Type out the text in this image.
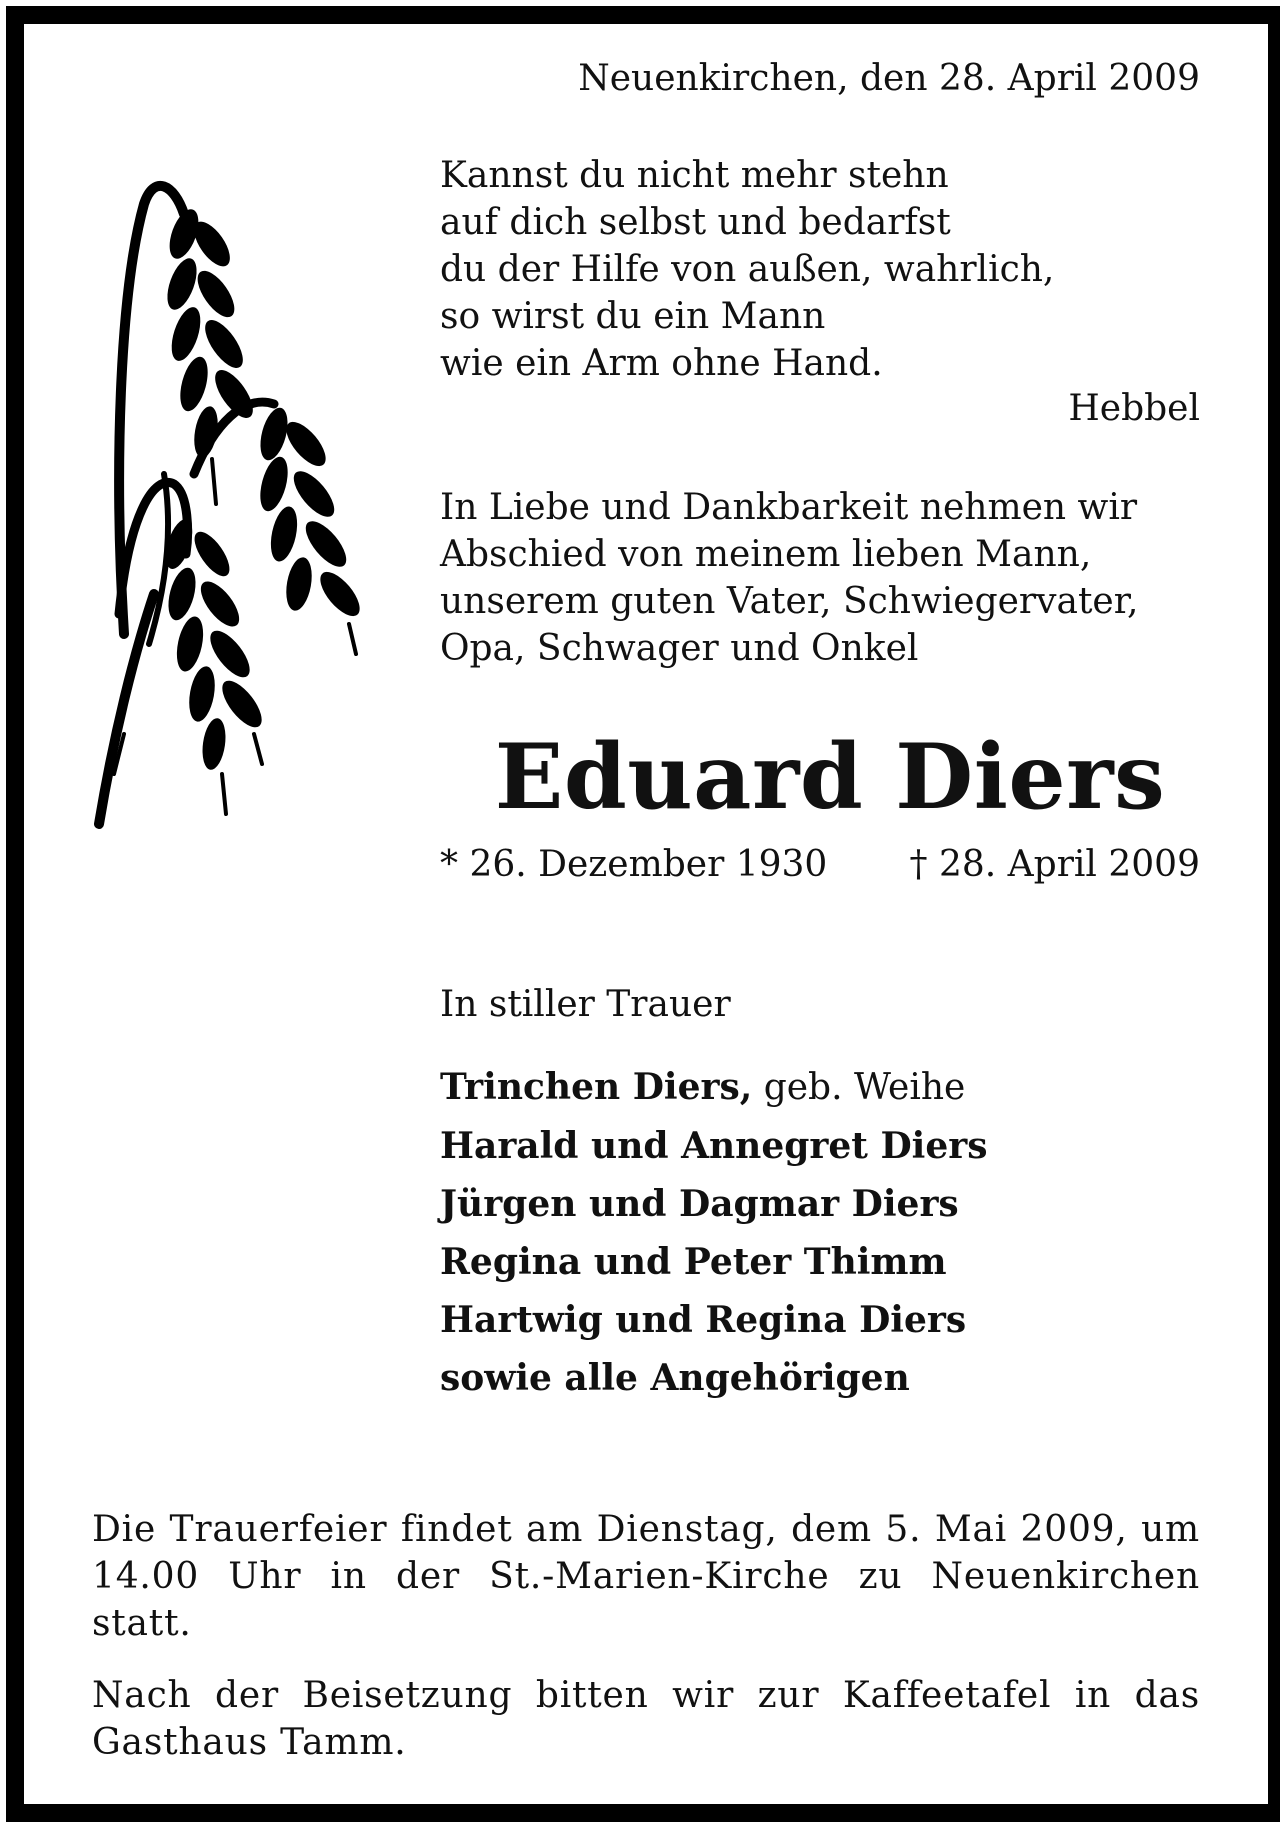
Neuenkirchen, den 28. April 2009
Kannst du nicht mehr stehn
auf dich selbst und bedarfst
du der Hilfe von außen, wahrlich,
so wirst du ein Mann
wie ein Arm ohne Hand.
Hebbel
In Liebe und Dankbarkeit nehmen wir
Abschied von meinem lieben Mann,
unserem guten Vater, Schwiegervater,
Opa, Schwager und Onkel
Eduard Diers
* 26. Dezember 1930 † 28. April 2009
In stiller Trauer
Trinchen Diers, geb. Weihe
Harald und Annegret Diers
Jürgen und Dagmar Diers
Regina und Peter Thimm
Hartwig und Regina Diers
sowie alle Angehörigen
Die Trauerfeier findet am Dienstag, dem 5. Mai 2009, um 14.00 Uhr in der St.-Marien-Kirche zu Neuenkirchen statt.
Nach der Beisetzung bitten wir zur Kaffeetafel in das Gasthaus Tamm.
